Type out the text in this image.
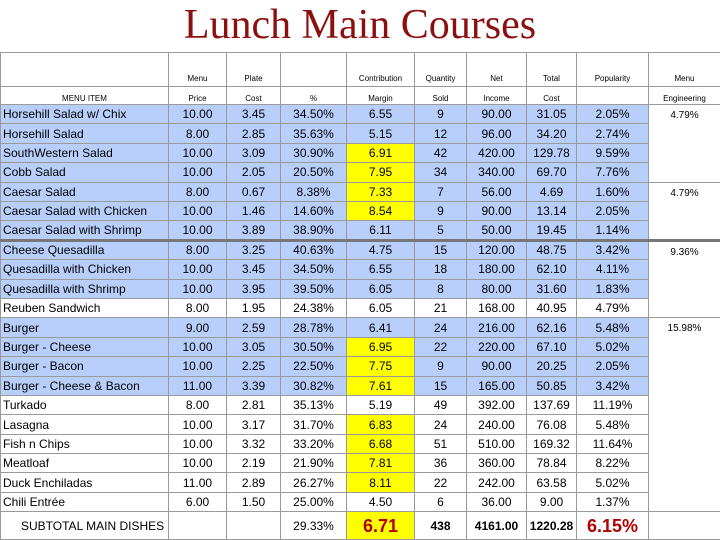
Lunch Main Courses
	Menu	Plate		Contribution	Quantity	Net	Total	Popularity	Menu
MENU ITEM	Price	Cost	%	Margin	Sold	Income	Cost		Engineering
Horsehill Salad w/ Chix	10.00	3.45	34.50%	6.55	9	90.00	31.05	2.05%	4.79%
Horsehill Salad	8.00	2.85	35.63%	5.15	12	96.00	34.20	2.74%	
SouthWestern Salad	10.00	3.09	30.90%	6.91	42	420.00	129.78	9.59%	
Cobb Salad	10.00	2.05	20.50%	7.95	34	340.00	69.70	7.76%	
Caesar Salad	8.00	0.67	8.38%	7.33	7	56.00	4.69	1.60%	4.79%
Caesar Salad with Chicken	10.00	1.46	14.60%	8.54	9	90.00	13.14	2.05%	
Caesar Salad with Shrimp	10.00	3.89	38.90%	6.11	5	50.00	19.45	1.14%	
Cheese Quesadilla	8.00	3.25	40.63%	4.75	15	120.00	48.75	3.42%	9.36%
Quesadilla with Chicken	10.00	3.45	34.50%	6.55	18	180.00	62.10	4.11%	
Quesadilla with Shrimp	10.00	3.95	39.50%	6.05	8	80.00	31.60	1.83%	
Reuben Sandwich	8.00	1.95	24.38%	6.05	21	168.00	40.95	4.79%	
Burger	9.00	2.59	28.78%	6.41	24	216.00	62.16	5.48%	15.98%
Burger - Cheese	10.00	3.05	30.50%	6.95	22	220.00	67.10	5.02%	
Burger - Bacon	10.00	2.25	22.50%	7.75	9	90.00	20.25	2.05%	
Burger - Cheese & Bacon	11.00	3.39	30.82%	7.61	15	165.00	50.85	3.42%	
Turkado	8.00	2.81	35.13%	5.19	49	392.00	137.69	11.19%	
Lasagna	10.00	3.17	31.70%	6.83	24	240.00	76.08	5.48%	
Fish n Chips	10.00	3.32	33.20%	6.68	51	510.00	169.32	11.64%	
Meatloaf	10.00	2.19	21.90%	7.81	36	360.00	78.84	8.22%	
Duck Enchiladas	11.00	2.89	26.27%	8.11	22	242.00	63.58	5.02%	
Chili Entrée	6.00	1.50	25.00%	4.50	6	36.00	9.00	1.37%	
SUBTOTAL MAIN DISHES			29.33%	6.71	438	4161.00	1220.28	6.15%	
